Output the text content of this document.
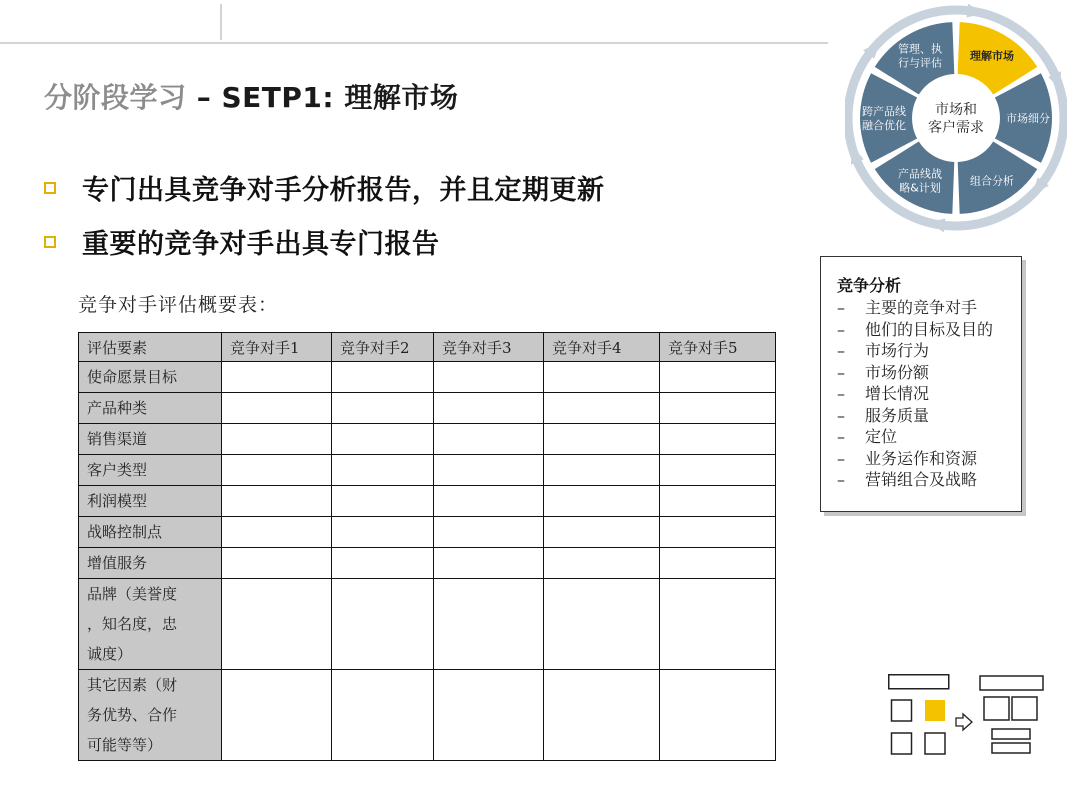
分阶段学习 – SETP1: 理解市场
专门出具竞争对手分析报告，并且定期更新
重要的竞争对手出具专门报告
竞争对手评估概要表：
评估要素	竞争对手1	竞争对手2	竞争对手3	竞争对手4	竞争对手5
使命愿景目标					
产品种类					
销售渠道					
客户类型					
利润模型					
战略控制点					
增值服务					

品牌（美誉度
，知名度，忠
诚度）					

其它因素（财
务优势、合作
可能等等）					

竞争分析
– 主要的竞争对手
– 他们的目标及目的
– 市场行为
– 市场份额
– 增长情况
– 服务质量
– 定位
– 业务运作和资源
– 营销组合及战略
理解市场
市场细分
组合分析
产品线战
略&计划
跨产品线
融合优化
管理、执
行与评估
市场和
客户需求
